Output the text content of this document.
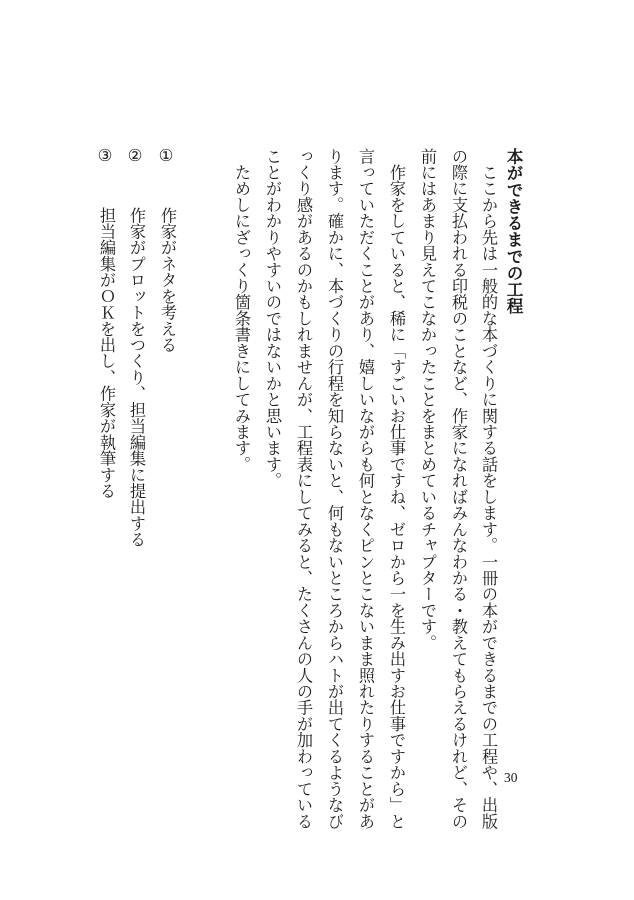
本ができるまでの工程
　ここから先は一般的な本づくりに関する話をします。一冊の本ができるまでの工程や、出版
の際に支払われる印税のことなど、作家になればみんなわかる・教えてもらえるけれど、その
前にはあまり見えてこなかったことをまとめているチャプターです。
　作家をしていると、稀に「すごいお仕事ですね、ゼロから一を生み出すお仕事ですから」と
言っていただくことがあり、嬉しいながらも何となくピンとこないまま照れたりすることがあ
ります。確かに、本づくりの行程を知らないと、何もないところからハトが出てくるようなび
っくり感があるのかもしれませんが、工程表にしてみると、たくさんの人の手が加わっている
ことがわかりやすいのではないかと思います。
　ためしにざっくり箇条書きにしてみます。
①
作家がネタを考える
②
作家がプロットをつくり、担当編集に提出する
③
担当編集がＯＫを出し、作家が執筆する
30
